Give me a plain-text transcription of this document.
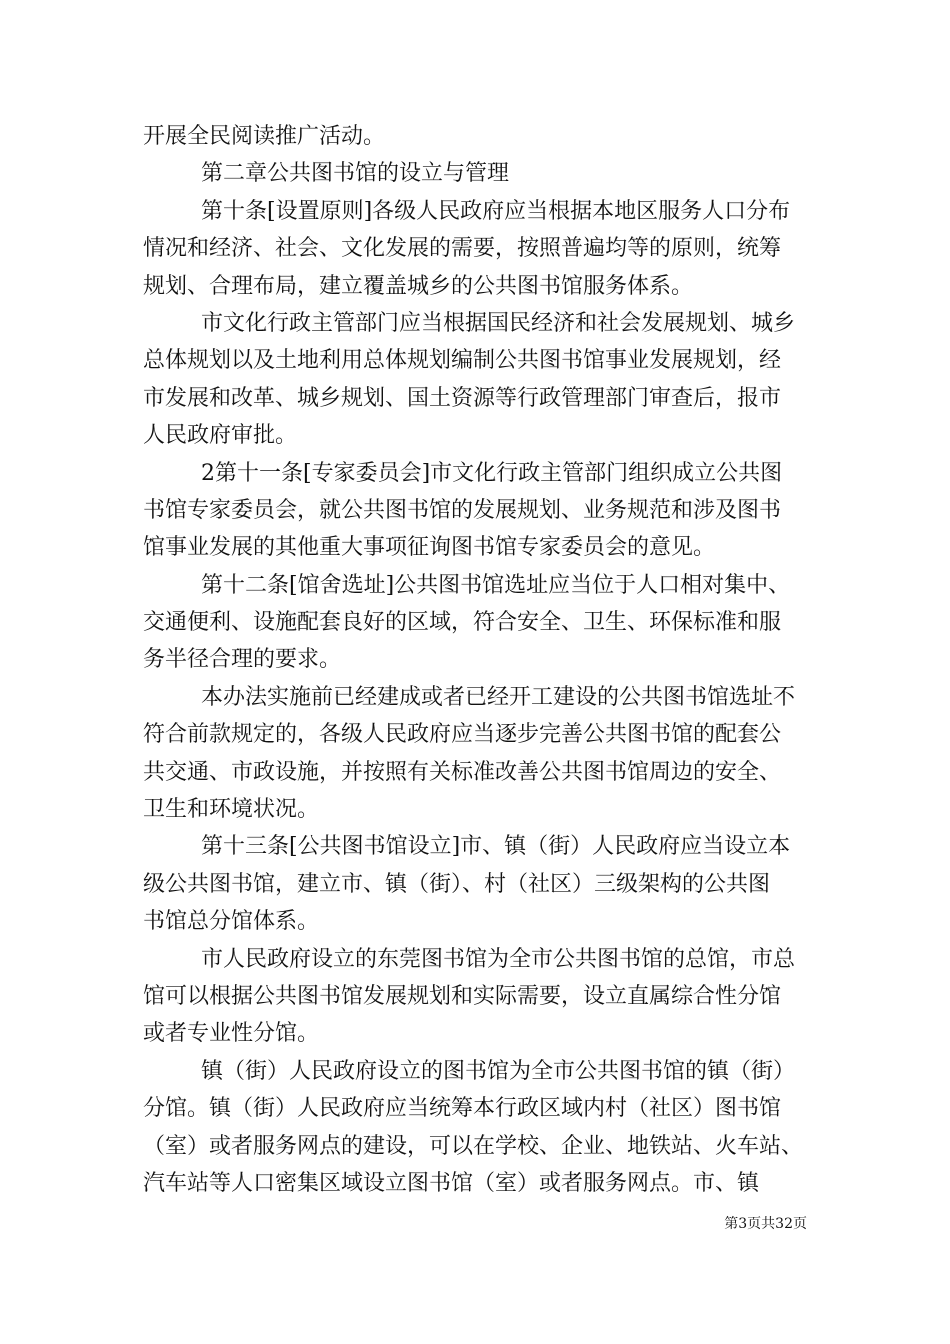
开展全民阅读推广活动。
第二章公共图书馆的设立与管理
第十条[设置原则]各级人民政府应当根据本地区服务人口分布
情况和经济、社会、文化发展的需要，按照普遍均等的原则，统筹
规划、合理布局，建立覆盖城乡的公共图书馆服务体系。
市文化行政主管部门应当根据国民经济和社会发展规划、城乡
总体规划以及土地利用总体规划编制公共图书馆事业发展规划，经
市发展和改革、城乡规划、国土资源等行政管理部门审查后，报市
人民政府审批。
2第十一条[专家委员会]市文化行政主管部门组织成立公共图
书馆专家委员会，就公共图书馆的发展规划、业务规范和涉及图书
馆事业发展的其他重大事项征询图书馆专家委员会的意见。
第十二条[馆舍选址]公共图书馆选址应当位于人口相对集中、
交通便利、设施配套良好的区域，符合安全、卫生、环保标准和服
务半径合理的要求。
本办法实施前已经建成或者已经开工建设的公共图书馆选址不
符合前款规定的，各级人民政府应当逐步完善公共图书馆的配套公
共交通、市政设施，并按照有关标准改善公共图书馆周边的安全、
卫生和环境状况。
第十三条[公共图书馆设立]市、镇（街）人民政府应当设立本
级公共图书馆，建立市、镇（街）、村（社区）三级架构的公共图
书馆总分馆体系。
市人民政府设立的东莞图书馆为全市公共图书馆的总馆，市总
馆可以根据公共图书馆发展规划和实际需要，设立直属综合性分馆
或者专业性分馆。
镇（街）人民政府设立的图书馆为全市公共图书馆的镇（街）
分馆。镇（街）人民政府应当统筹本行政区域内村（社区）图书馆
（室）或者服务网点的建设，可以在学校、企业、地铁站、火车站、
汽车站等人口密集区域设立图书馆（室）或者服务网点。市、镇
第3页共32页
